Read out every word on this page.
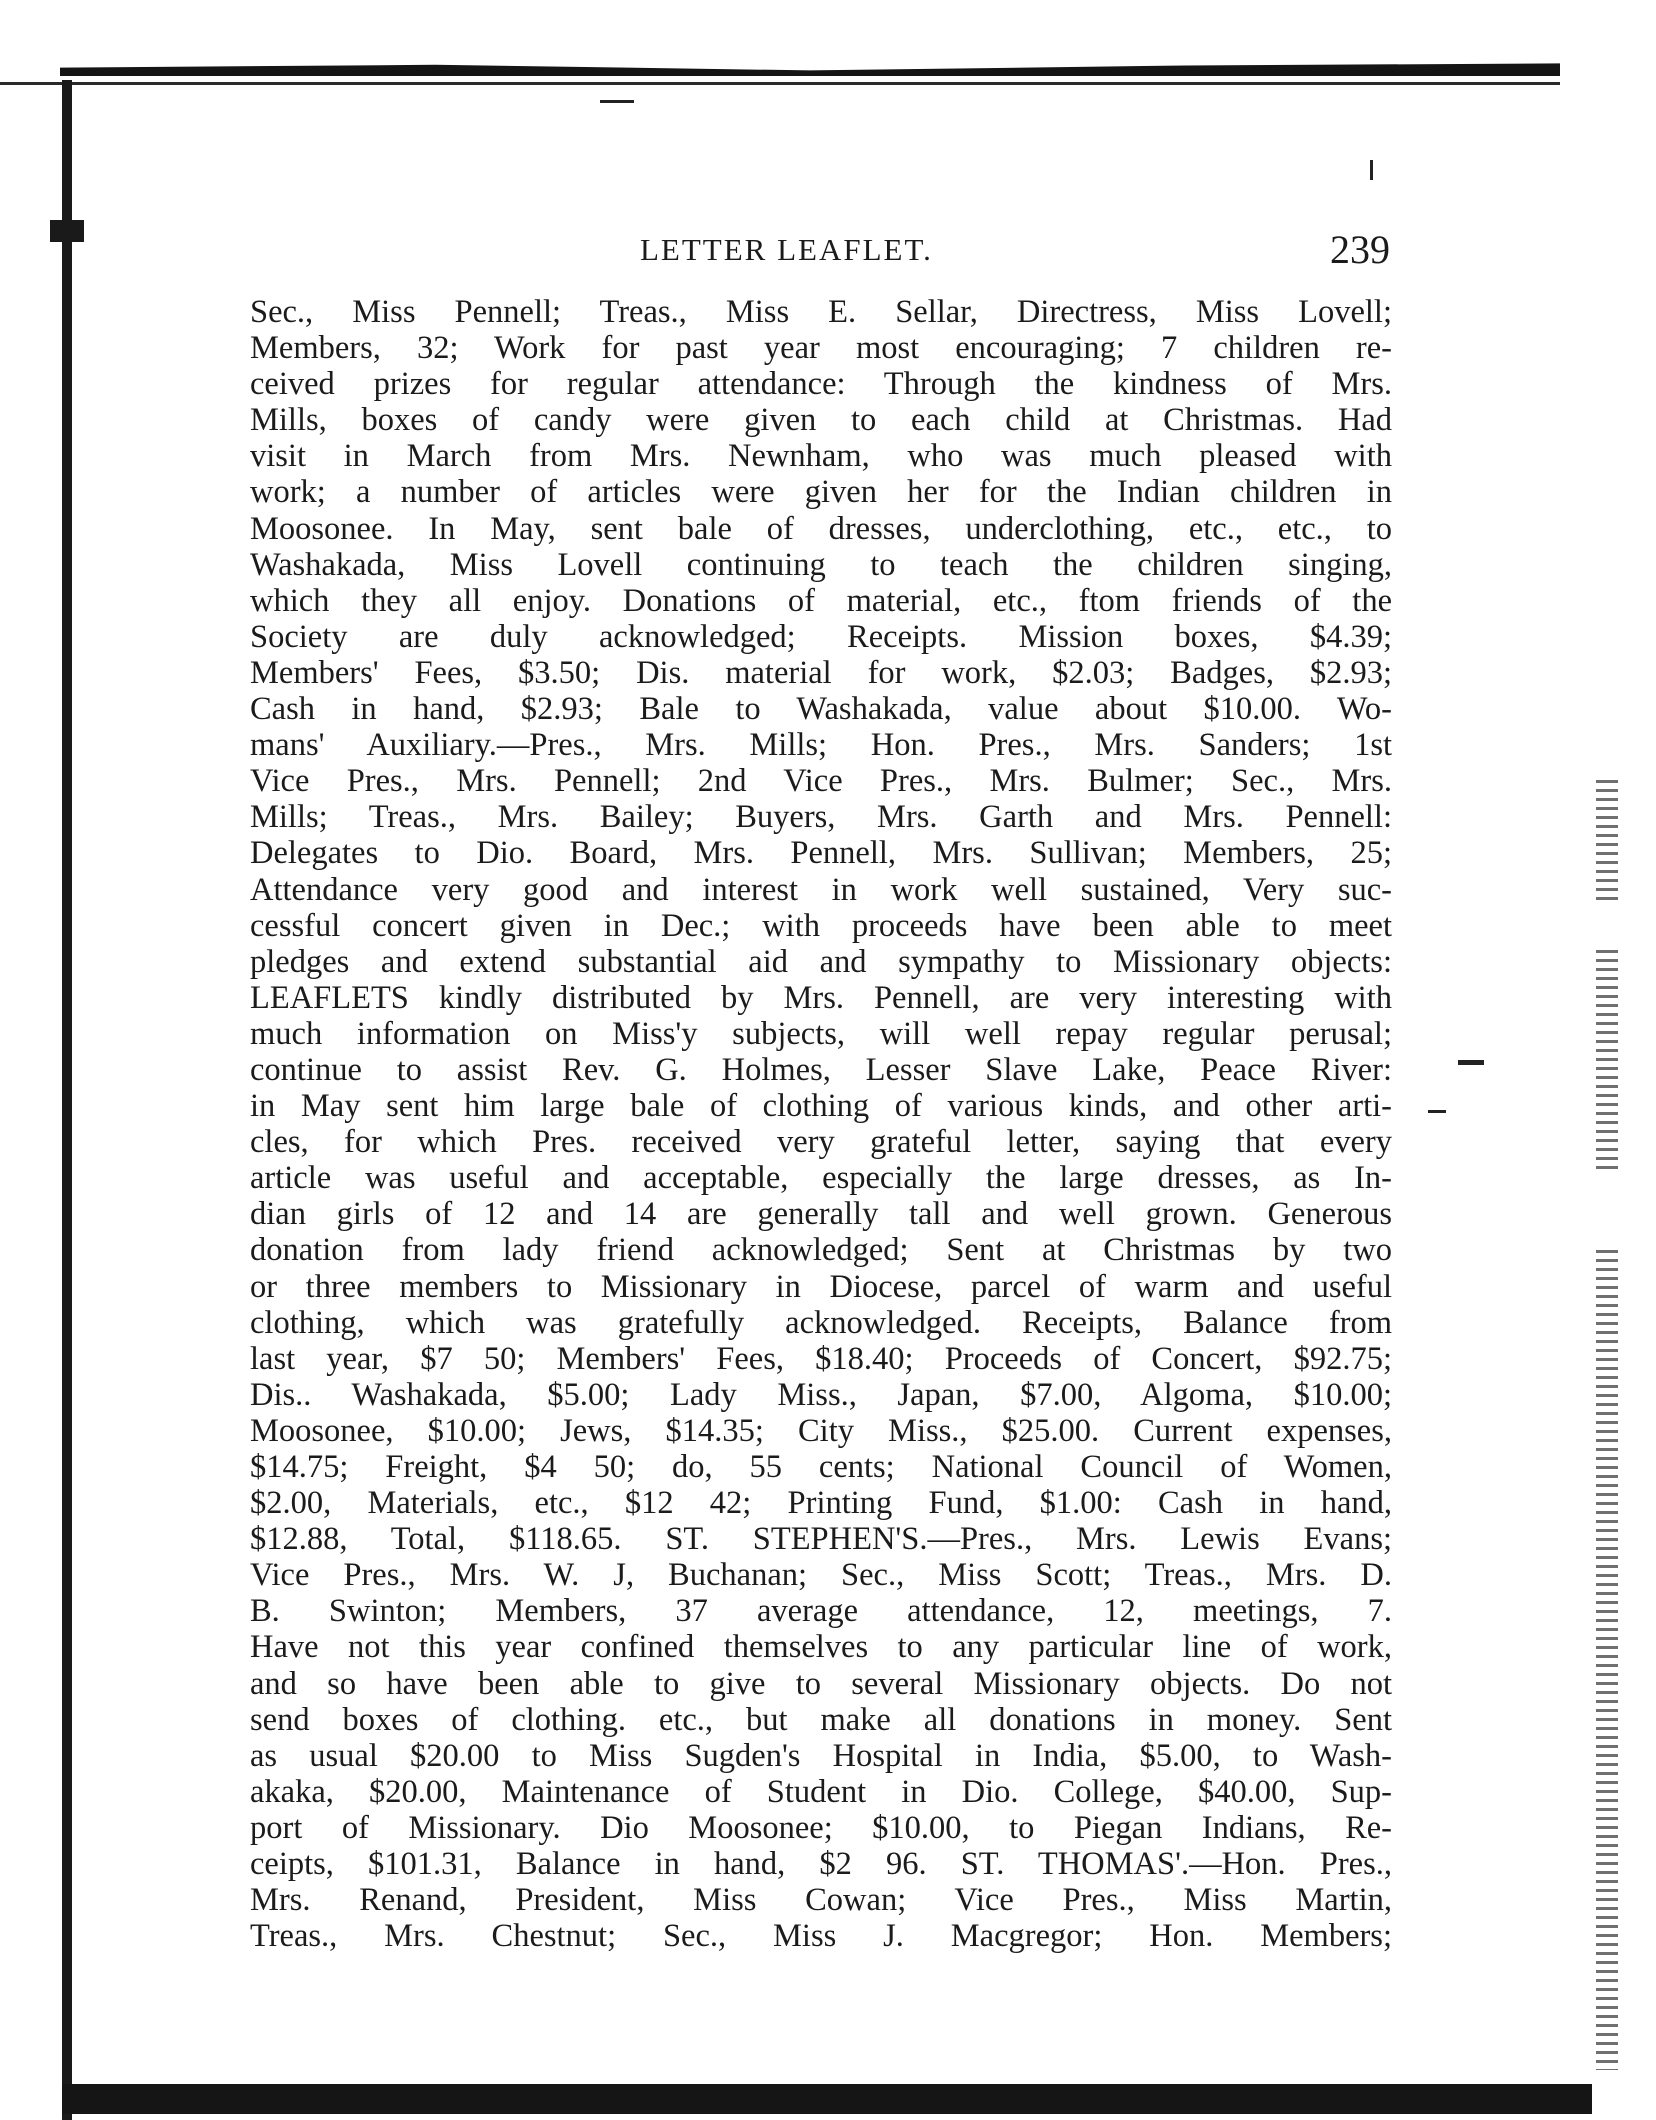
LETTER LEAFLET.	239
Sec., Miss Pennell; Treas., Miss E. Sellar, Directress, Miss Lovell;
Members, 32; Work for past year most encouraging; 7 children re-
ceived prizes for regular attendance: Through the kindness of Mrs.
Mills, boxes of candy were given to each child at Christmas. Had
visit in March from Mrs. Newnham, who was much pleased with
work; a number of articles were given her for the Indian children in
Moosonee. In May, sent bale of dresses, underclothing, etc., etc., to
Washakada, Miss Lovell continuing to teach the children singing,
which they all enjoy. Donations of material, etc., ftom friends of the
Society are duly acknowledged; Receipts. Mission boxes, $4.39;
Members' Fees, $3.50; Dis. material for work, $2.03; Badges, $2.93;
Cash in hand, $2.93; Bale to Washakada, value about $10.00. Wo-
mans' Auxiliary.—Pres., Mrs. Mills; Hon. Pres., Mrs. Sanders; 1st
Vice Pres., Mrs. Pennell; 2nd Vice Pres., Mrs. Bulmer; Sec., Mrs.
Mills; Treas., Mrs. Bailey; Buyers, Mrs. Garth and Mrs. Pennell:
Delegates to Dio. Board, Mrs. Pennell, Mrs. Sullivan; Members, 25;
Attendance very good and interest in work well sustained, Very suc-
cessful concert given in Dec.; with proceeds have been able to meet
pledges and extend substantial aid and sympathy to Missionary objects:
LEAFLETS kindly distributed by Mrs. Pennell, are very interesting with
much information on Miss'y subjects, will well repay regular perusal;
continue to assist Rev. G. Holmes, Lesser Slave Lake, Peace River:
in May sent him large bale of clothing of various kinds, and other arti-
cles, for which Pres. received very grateful letter, saying that every
article was useful and acceptable, especially the large dresses, as In-
dian girls of 12 and 14 are generally tall and well grown. Generous
donation from lady friend acknowledged; Sent at Christmas by two
or three members to Missionary in Diocese, parcel of warm and useful
clothing, which was gratefully acknowledged. Receipts, Balance from
last year, $7 50; Members' Fees, $18.40; Proceeds of Concert, $92.75;
Dis.. Washakada, $5.00; Lady Miss., Japan, $7.00, Algoma, $10.00;
Moosonee, $10.00; Jews, $14.35; City Miss., $25.00. Current expenses,
$14.75; Freight, $4 50; do, 55 cents; National Council of Women,
$2.00, Materials, etc., $12 42; Printing Fund, $1.00: Cash in hand,
$12.88, Total, $118.65. ST. STEPHEN'S.—Pres., Mrs. Lewis Evans;
Vice Pres., Mrs. W. J, Buchanan; Sec., Miss Scott; Treas., Mrs. D.
B. Swinton; Members, 37 average attendance, 12, meetings, 7.
Have not this year confined themselves to any particular line of work,
and so have been able to give to several Missionary objects. Do not
send boxes of clothing. etc., but make all donations in money. Sent
as usual $20.00 to Miss Sugden's Hospital in India, $5.00, to Wash-
akaka, $20.00, Maintenance of Student in Dio. College, $40.00, Sup-
port of Missionary. Dio Moosonee; $10.00, to Piegan Indians, Re-
ceipts, $101.31, Balance in hand, $2 96. ST. THOMAS'.—Hon. Pres.,
Mrs. Renand, President, Miss Cowan; Vice Pres., Miss Martin,
Treas., Mrs. Chestnut; Sec., Miss J. Macgregor; Hon. Members;
